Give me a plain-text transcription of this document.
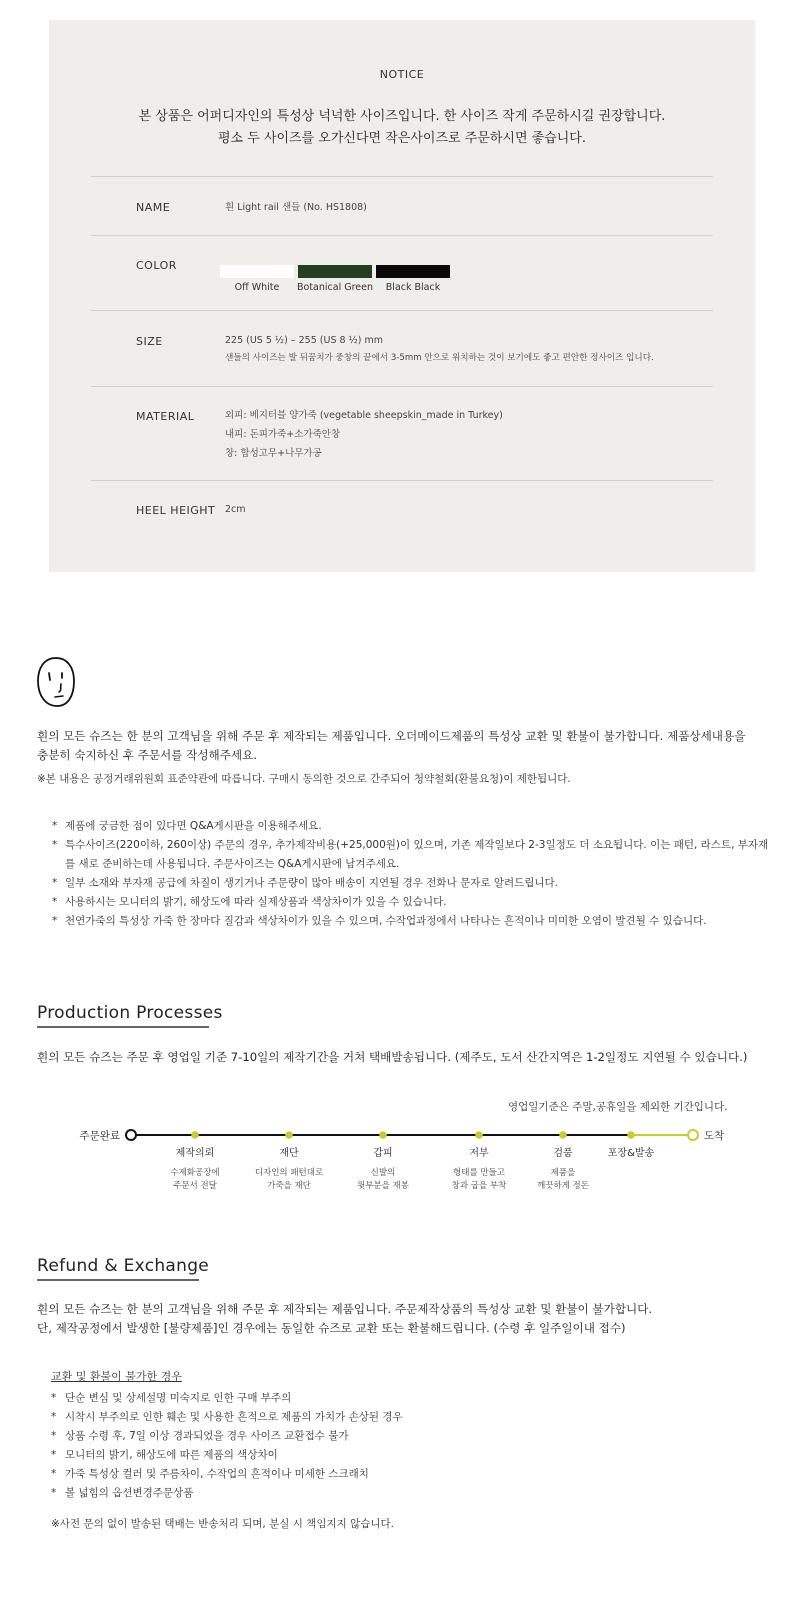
NOTICE
본 상품은 어퍼디자인의 특성상 넉넉한 사이즈입니다. 한 사이즈 작게 주문하시길 권장합니다.
평소 두 사이즈를 오가신다면 작은사이즈로 주문하시면 좋습니다.
NAME	흰 Light rail 샌들 (No. HS1808)
COLOR
Off White	Botanical Green	Black Black
SIZE	225 (US 5 ½) – 255 (US 8 ½) mm
샌들의 사이즈는 발 뒤꿈치가 중창의 끝에서 3-5mm 안으로 위치하는 것이 보기에도 좋고 편안한 정사이즈 입니다.
MATERIAL	외피: 베지터블 양가죽 (vegetable sheepskin_made in Turkey)
내피: 돈피가죽+소가죽안창
창: 합성고무+나무가공
HEEL HEIGHT 2cm
흰의 모든 슈즈는 한 분의 고객님을 위해 주문 후 제작되는 제품입니다. 오더메이드제품의 특성상 교환 및 환불이 불가합니다. 제품상세내용을
충분히 숙지하신 후 주문서를 작성해주세요.
※본 내용은 공정거래위원회 표준약관에 따릅니다. 구매시 동의한 것으로 간주되어 청약철회(환불요청)이 제한됩니다.
* 제품에 궁금한 점이 있다면 Q&A게시판을 이용해주세요.
* 특수사이즈(220이하, 260이상) 주문의 경우, 추가제작비용(+25,000원)이 있으며, 기존 제작일보다 2-3일정도 더 소요됩니다. 이는 패턴, 라스트, 부자재를 새로 준비하는데 사용됩니다. 주문사이즈는 Q&A게시판에 남겨주세요.
* 일부 소재와 부자재 공급에 차질이 생기거나 주문량이 많아 배송이 지연될 경우 전화나 문자로 알려드립니다.
* 사용하시는 모니터의 밝기, 해상도에 따라 실제상품과 색상차이가 있을 수 있습니다.
* 천연가죽의 특성상 가죽 한 장마다 질감과 색상차이가 있을 수 있으며, 수작업과정에서 나타나는 흔적이나 미미한 오염이 발견될 수 있습니다.
Production Processes
흰의 모든 슈즈는 주문 후 영업일 기준 7-10일의 제작기간을 거쳐 택배발송됩니다. (제주도, 도서 산간지역은 1-2일정도 지연될 수 있습니다.)
영업일기준은 주말,공휴일을 제외한 기간입니다.
주문완료	도착
제작의뢰
수제화공장에
주문서 전달
재단
디자인의 패턴대로
가죽을 재단
갑피
신발의
윗부분을 재봉
저부
형태를 만들고
창과 굽을 부착
검품
제품을
깨끗하게 정돈
포장&발송
Refund & Exchange
흰의 모든 슈즈는 한 분의 고객님을 위해 주문 후 제작되는 제품입니다. 주문제작상품의 특성상 교환 및 환불이 불가합니다.
단, 제작공정에서 발생한 [불량제품]인 경우에는 동일한 슈즈로 교환 또는 환불해드립니다. (수령 후 일주일이내 접수)
교환 및 환불이 불가한 경우
* 단순 변심 및 상세설명 미숙지로 인한 구매 부주의
* 시착시 부주의로 인한 훼손 및 사용한 흔적으로 제품의 가치가 손상된 경우
* 상품 수령 후, 7일 이상 경과되었을 경우 사이즈 교환접수 불가
* 모니터의 밝기, 해상도에 따른 제품의 색상차이
* 가죽 특성상 컬러 및 주름차이, 수작업의 흔적이나 미세한 스크래치
* 볼 넓힘의 옵션변경주문상품
※사전 문의 없이 발송된 택배는 반송처리 되며, 분실 시 책임지지 않습니다.
